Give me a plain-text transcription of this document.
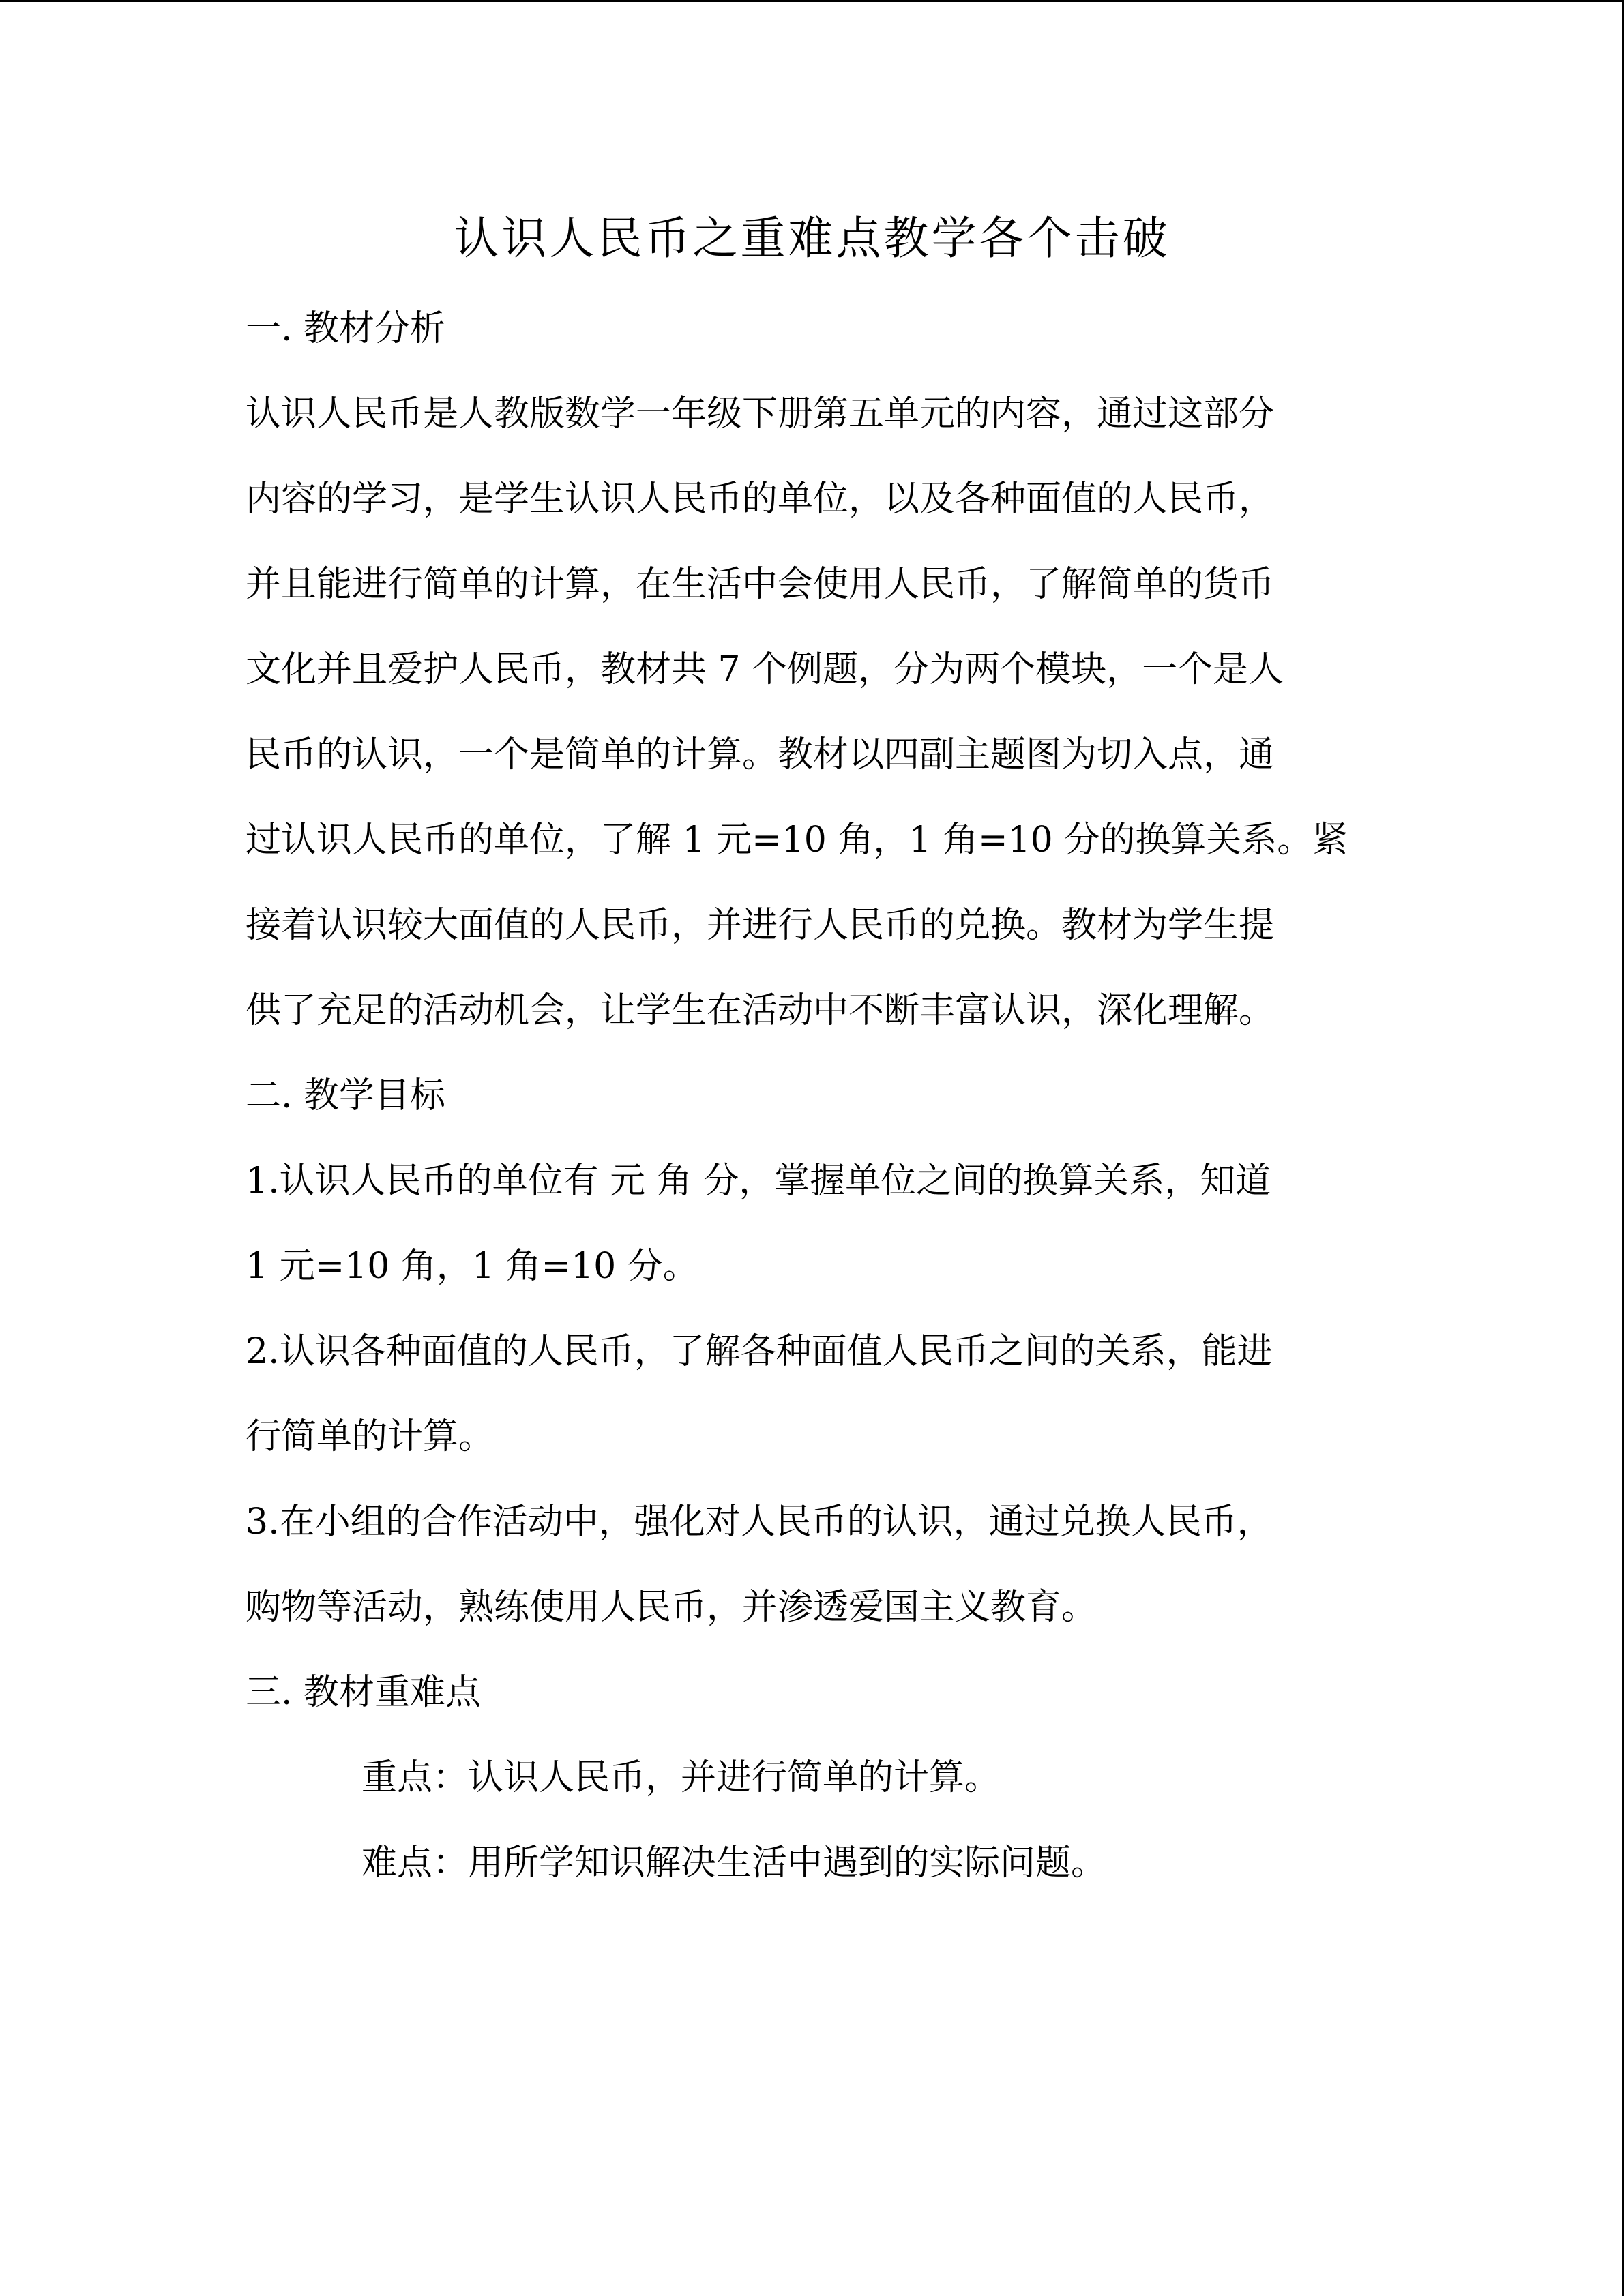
认识人民币之重难点教学各个击破

一. 教材分析

认识人民币是人教版数学一年级下册第五单元的内容，通过这部分

内容的学习，是学生认识人民币的单位，以及各种面值的人民币，

并且能进行简单的计算，在生活中会使用人民币，了解简单的货币

文化并且爱护人民币，教材共 7 个例题，分为两个模块，一个是人

民币的认识，一个是简单的计算。教材以四副主题图为切入点，通

过认识人民币的单位，了解 1 元=10 角，1 角=10 分的换算关系。紧

接着认识较大面值的人民币，并进行人民币的兑换。教材为学生提

供了充足的活动机会，让学生在活动中不断丰富认识，深化理解。

二. 教学目标

1.认识人民币的单位有 元 角 分，掌握单位之间的换算关系，知道

1 元=10 角，1 角=10 分。

2.认识各种面值的人民币，了解各种面值人民币之间的关系，能进

行简单的计算。

3.在小组的合作活动中，强化对人民币的认识，通过兑换人民币，

购物等活动，熟练使用人民币，并渗透爱国主义教育。

三. 教材重难点

重点：认识人民币，并进行简单的计算。

难点：用所学知识解决生活中遇到的实际问题。
